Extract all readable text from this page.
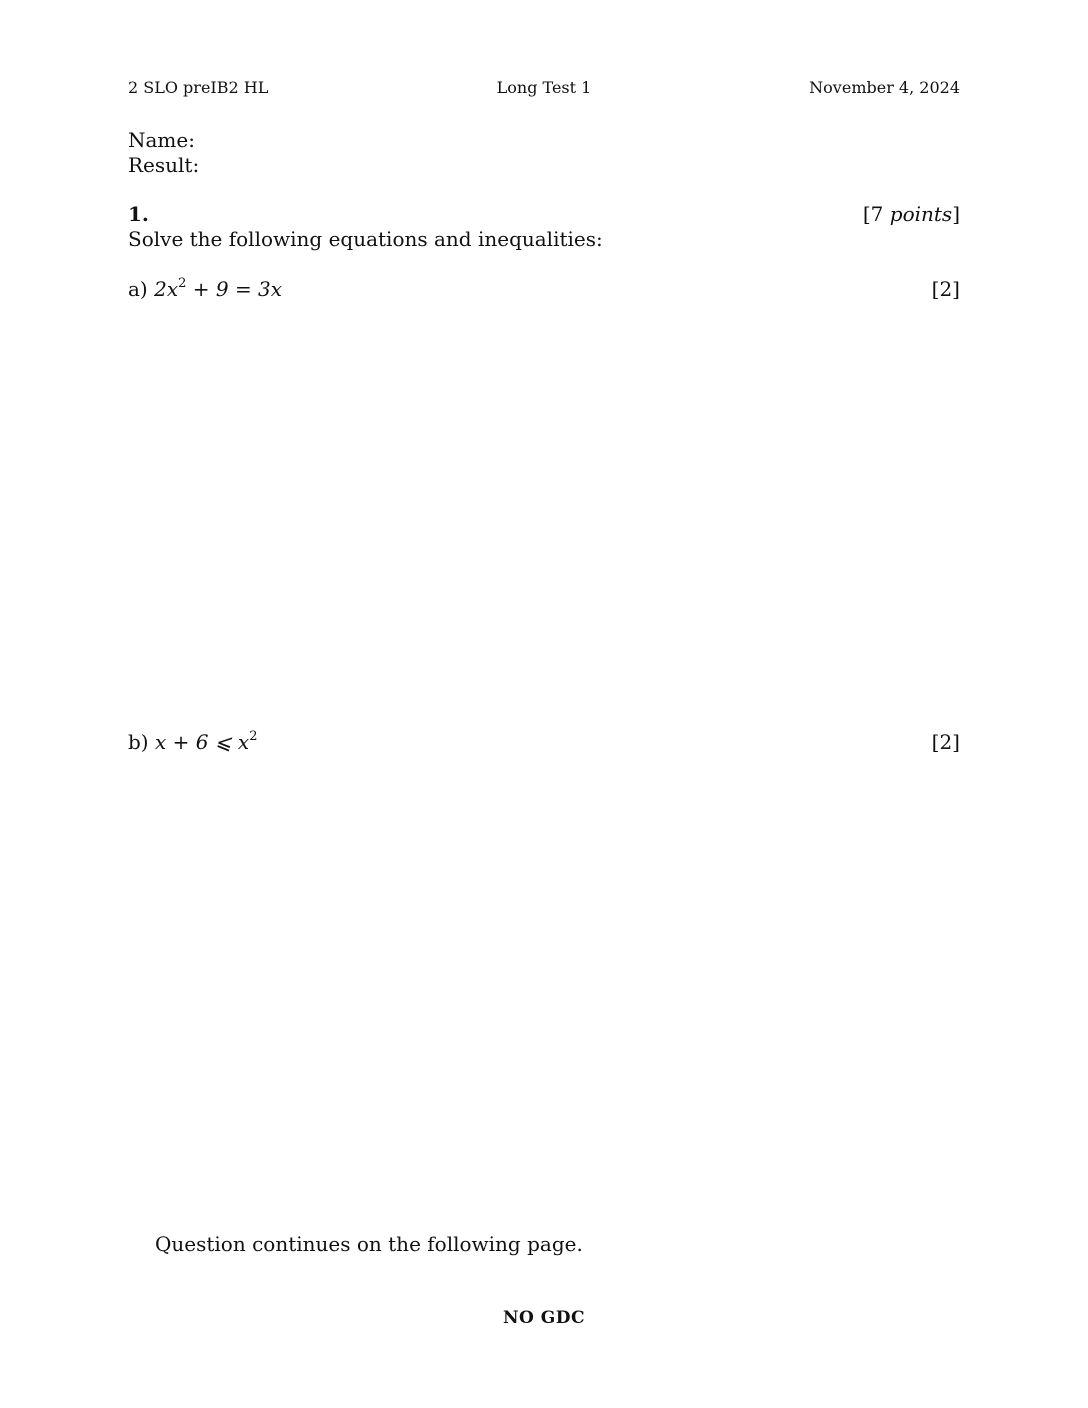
2 SLO preIB2 HL	Long Test 1	November 4, 2024
Name:
Result:
1.	[7 points]
Solve the following equations and inequalities:
a) $2x^2 + 9 = 3x$	[2]
b) x + 6 ⩽ $x^2$	[2]
Question continues on the following page.
NO GDC
